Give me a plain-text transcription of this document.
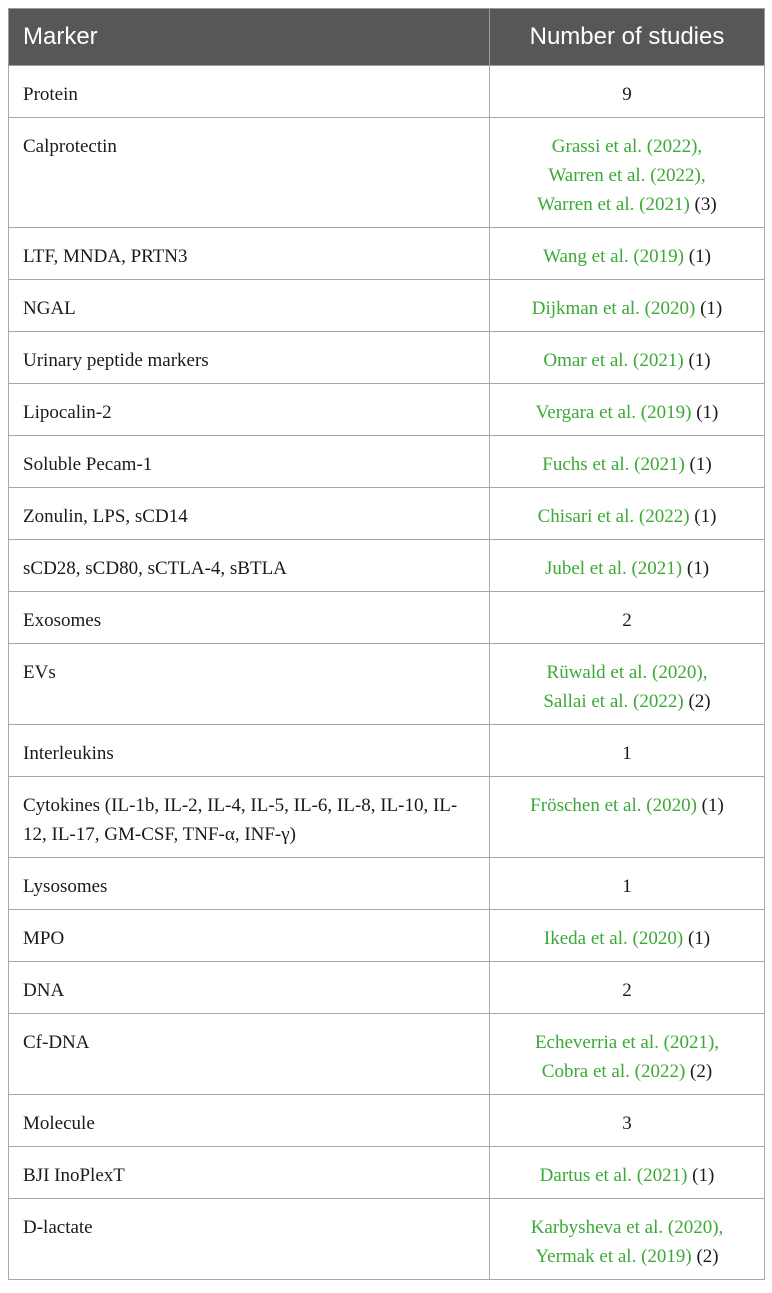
Marker	Number of studies
Protein	9
Calprotectin	Grassi et al. (2022),
Warren et al. (2022),
Warren et al. (2021) (3)

LTF, MNDA, PRTN3	Wang et al. (2019) (1)

NGAL	Dijkman et al. (2020) (1)

Urinary peptide markers	Omar et al. (2021) (1)

Lipocalin-2	Vergara et al. (2019) (1)

Soluble Pecam-1	Fuchs et al. (2021) (1)

Zonulin, LPS, sCD14	Chisari et al. (2022) (1)

sCD28, sCD80, sCTLA-4, sBTLA	Jubel et al. (2021) (1)

Exosomes	2
EVs	Rüwald et al. (2020),
Sallai et al. (2022) (2)

Interleukins	1
Cytokines (IL-1b, IL-2, IL-4, IL-5, IL-6, IL-8, IL-10, IL-12, IL-17, GM-CSF, TNF-α, INF-γ)	Fröschen et al. (2020) (1)

Lysosomes	1
MPO	Ikeda et al. (2020) (1)

DNA	2
Cf-DNA	Echeverria et al. (2021),
Cobra et al. (2022) (2)

Molecule	3
BJI InoPlexT	Dartus et al. (2021) (1)

D-lactate	Karbysheva et al. (2020),
Yermak et al. (2019) (2)
